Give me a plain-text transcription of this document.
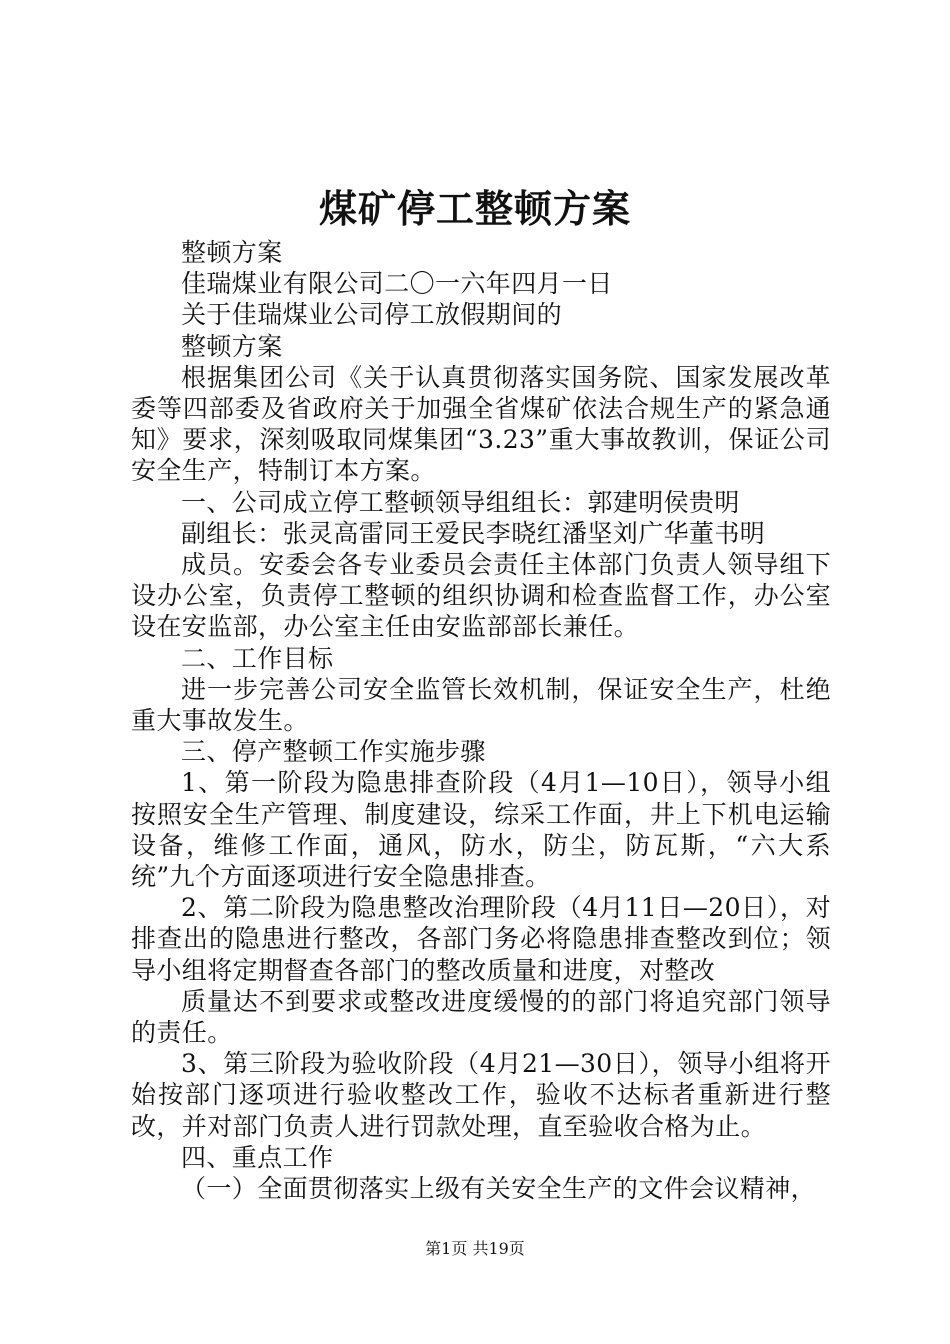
煤矿停工整顿方案

整顿方案

佳瑞煤业有限公司二〇一六年四月一日

关于佳瑞煤业公司停工放假期间的

整顿方案

根据集团公司《关于认真贯彻落实国务院、国家发展改革委等四部委及省政府关于加强全省煤矿依法合规生产的紧急通知》要求，深刻吸取同煤集团“3.23”重大事故教训，保证公司安全生产，特制订本方案。

一、公司成立停工整顿领导组组长：郭建明侯贵明

副组长：张灵高雷同王爱民李晓红潘坚刘广华董书明

成员。安委会各专业委员会责任主体部门负责人领导组下设办公室，负责停工整顿的组织协调和检查监督工作，办公室设在安监部，办公室主任由安监部部长兼任。

二、工作目标

进一步完善公司安全监管长效机制，保证安全生产，杜绝重大事故发生。

三、停产整顿工作实施步骤

1、第一阶段为隐患排查阶段（4月1—10日），领导小组按照安全生产管理、制度建设，综采工作面，井上下机电运输设备，维修工作面，通风，防水，防尘，防瓦斯，“六大系统”九个方面逐项进行安全隐患排查。

2、第二阶段为隐患整改治理阶段（4月11日—20日），对排查出的隐患进行整改，各部门务必将隐患排查整改到位；领导小组将定期督查各部门的整改质量和进度，对整改

质量达不到要求或整改进度缓慢的的部门将追究部门领导的责任。

3、第三阶段为验收阶段（4月21—30日），领导小组将开始按部门逐项进行验收整改工作，验收不达标者重新进行整改，并对部门负责人进行罚款处理，直至验收合格为止。

四、重点工作

（一）全面贯彻落实上级有关安全生产的文件会议精神，

第1页 共19页
